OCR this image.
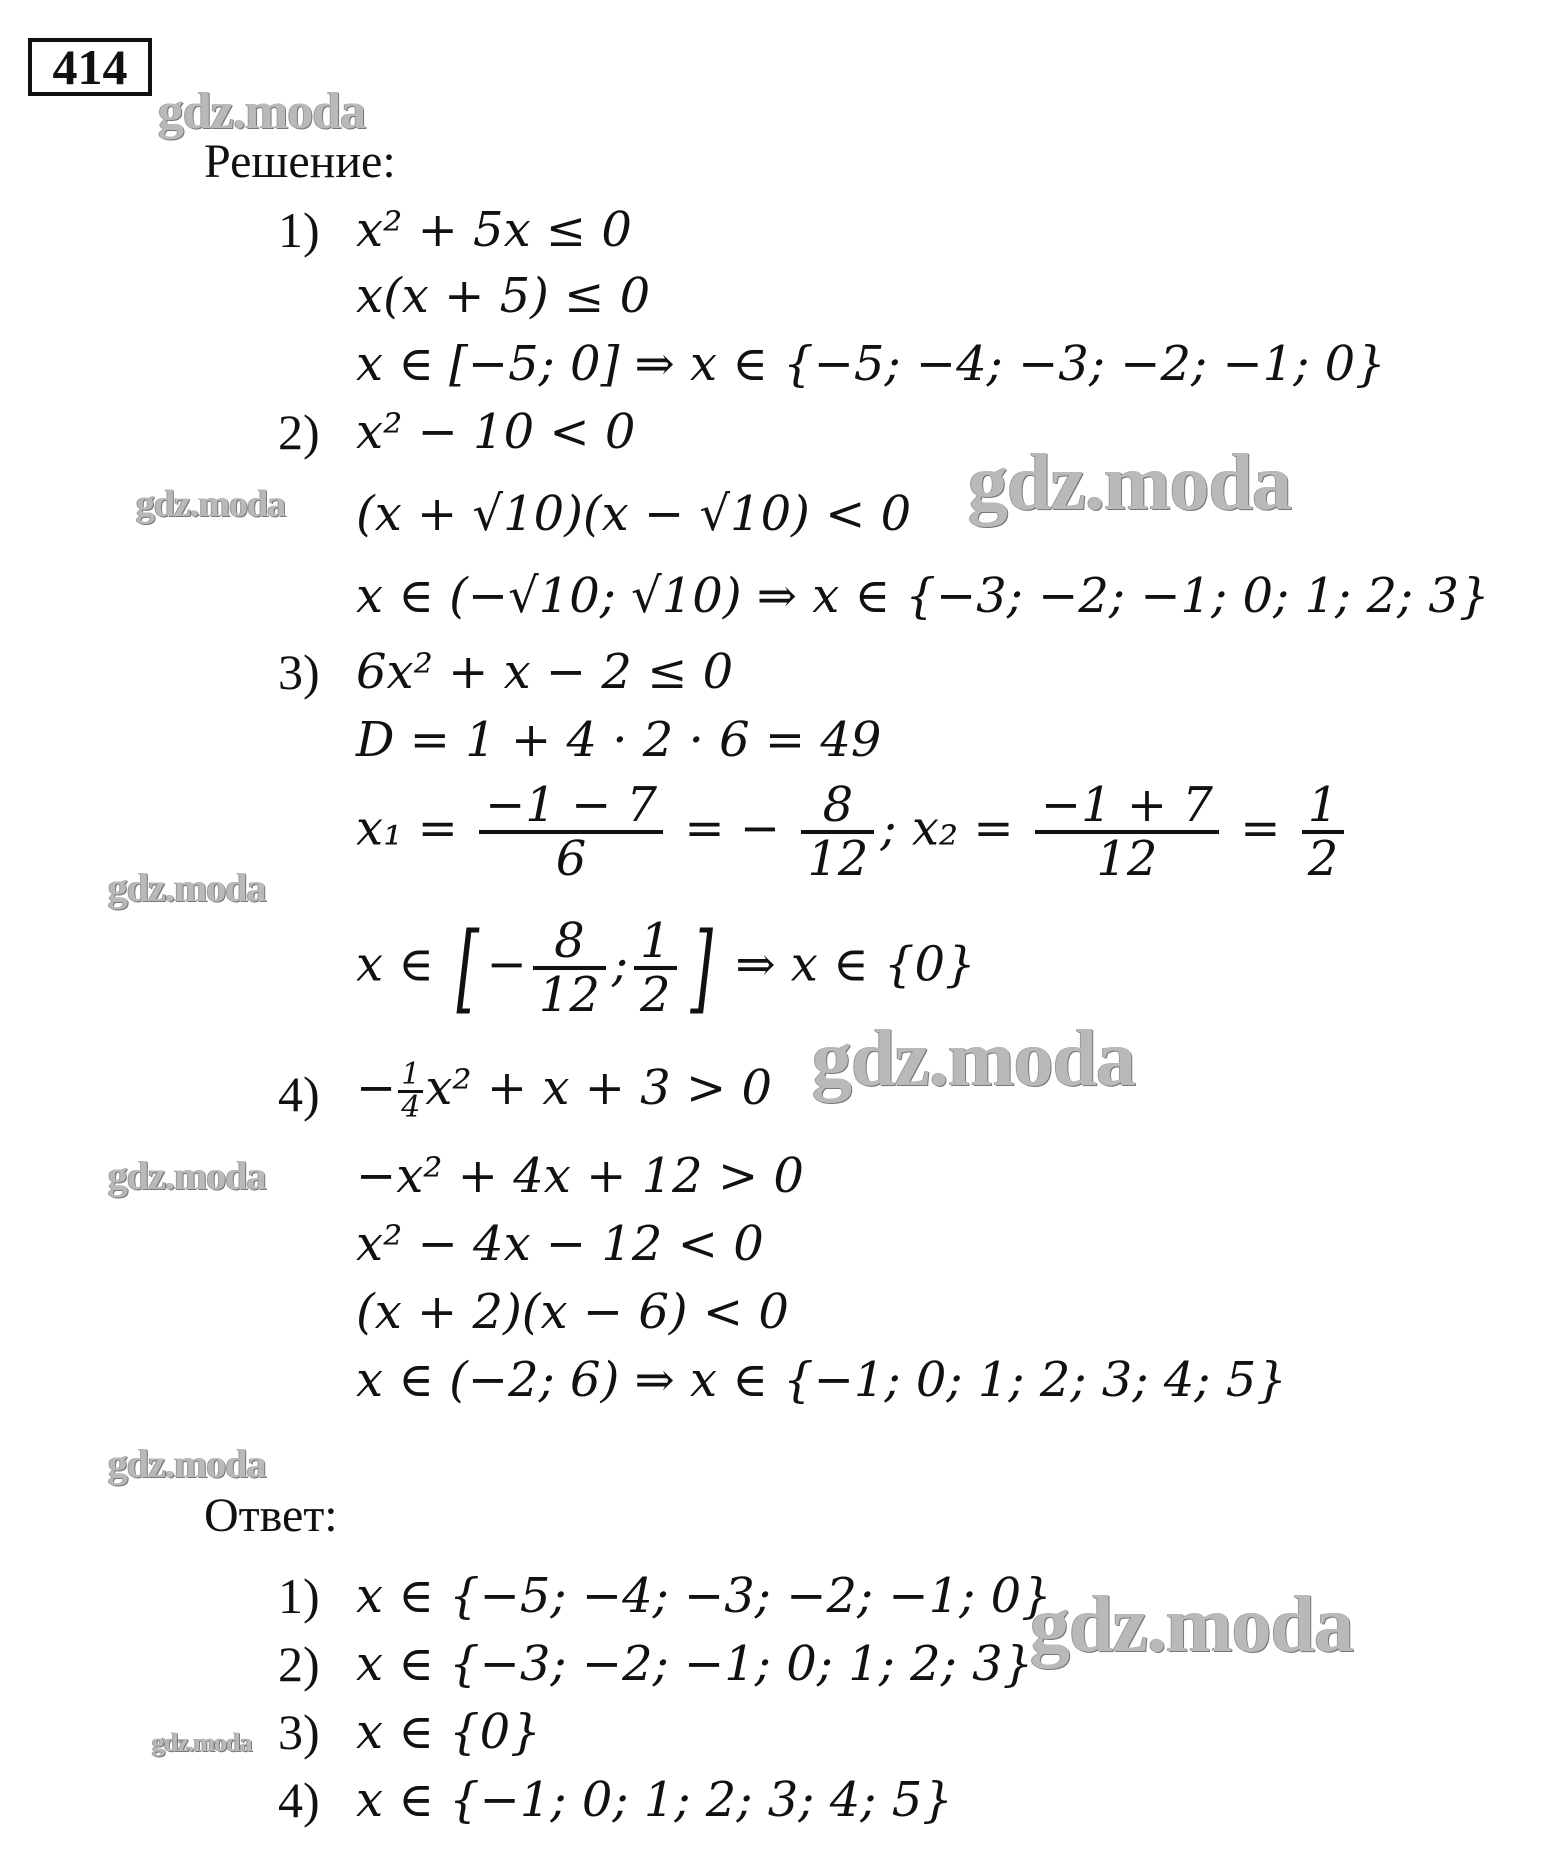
414
gdz.moda
gdz.moda	gdz.moda
gdz.moda
gdz.moda
gdz.moda
gdz.moda
gdz.moda
gdz.moda
Решение:
1) x² + 5x ≤ 0
x(x + 5) ≤ 0
x ∈ [−5; 0] ⇒ x ∈ {−5; −4; −3; −2; −1; 0}
2) x² − 10 < 0
(x + √10)(x − √10) < 0
x ∈ (−√10; √10) ⇒ x ∈ {−3; −2; −1; 0; 1; 2; 3}
3) 6x² + x − 2 ≤ 0
D = 1 + 4 · 2 · 6 = 49
$x_1 = \frac{-1 - 7}{6}$ = − $\frac{8}{12}$ ; $x_2 = \frac{-1 + 7}{12} = \frac{1}{2}$
x ∈ [ − $\frac{8}{12}$ ; $\frac{1}{2}$ ] ⇒ x ∈ {0}
$4) - \frac{1}{4} x^2 + x + 3 > 0$
−x² + 4x + 12 > 0
x² − 4x − 12 < 0
(x + 2)(x − 6) < 0
x ∈ (−2; 6) ⇒ x ∈ {−1; 0; 1; 2; 3; 4; 5}
Ответ:
1) x ∈ {−5; −4; −3; −2; −1; 0}
2) x ∈ {−3; −2; −1; 0; 1; 2; 3}
3) x ∈ {0}
4) x ∈ {−1; 0; 1; 2; 3; 4; 5}
